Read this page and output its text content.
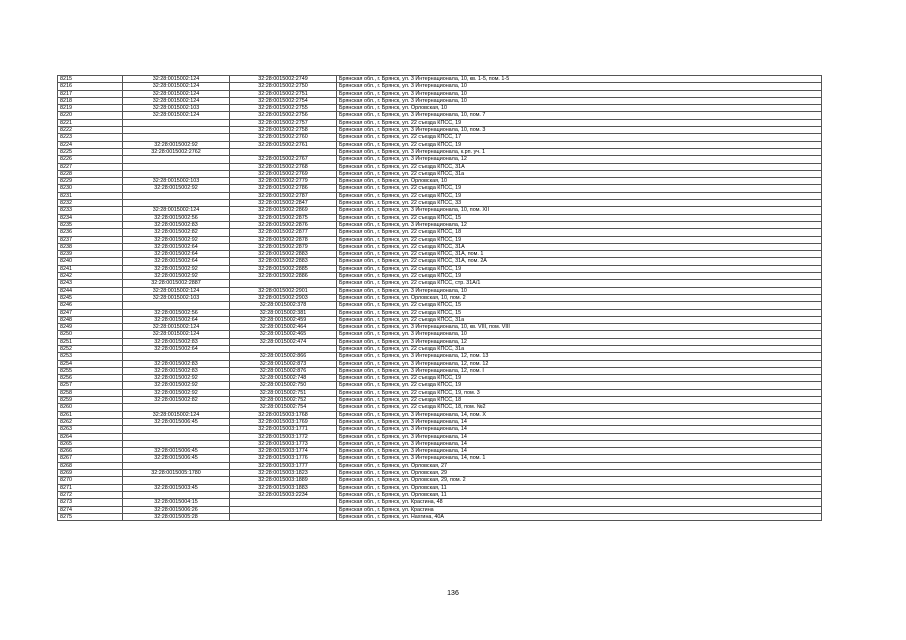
8215	32:28:0015002:124	32:28:0015002:2749	Брянская обл., г. Брянск, ул. 3 Интернационала, 10, кв. 1-5, пом. 1-5
8216	32:28:0015002:124	32:28:0015002:2750	Брянская обл., г. Брянск, ул. 3 Интернационала, 10
8217	32:28:0015002:124	32:28:0015002:2751	Брянская обл., г. Брянск, ул. 3 Интернационала, 10
8218	32:28:0015002:124	32:28:0015002:2754	Брянская обл., г. Брянск, ул. 3 Интернационала, 10
8219	32:28:0015002:103	32:28:0015002:2755	Брянская обл., г. Брянск, ул. Орловская, 10
8220	32:28:0015002:124	32:28:0015002:2756	Брянская обл., г. Брянск, ул. 3 Интернационала, 10, пом. 7
8221		32:28:0015002:2757	Брянская обл., г. Брянск, ул. 22 съезда КПСС, 19
8222		32:28:0015002:2758	Брянская обл., г. Брянск, ул. 3 Интернационала, 10, пом. 3
8223		32:28:0015002:2760	Брянская обл., г. Брянск, ул. 22 съезда КПСС, 17
8224	32:28:0015002:92	32:28:0015002:2761	Брянская обл., г. Брянск, ул. 22 съезда КПСС, 19
8225	32:28:0015002:2762		Брянская обл., г. Брянск, ул. 3 Интернационала, к.рп. уч. 1
8226		32:28:0015002:2767	Брянская обл., г. Брянск, ул. 3 Интернационала, 12
8227		32:28:0015002:2768	Брянская обл., г. Брянск, ул. 22 съезда КПСС, 31А
8228		32:28:0015002:2769	Брянская обл., г. Брянск, ул. 22 съезда КПСС, 31а
8229	32:28:0015002:103	32:28:0015002:2779	Брянская обл., г. Брянск, ул. Орловская, 10
8230	32:28:0015002:92	32:28:0015002:2786	Брянская обл., г. Брянск, ул. 22 съезда КПСС, 19
8231		32:28:0015002:2787	Брянская обл., г. Брянск, ул. 22 съезда КПСС, 19
8232		32:28:0015002:2847	Брянская обл., г. Брянск, ул. 22 съезда КПСС, 33
8233	32:28:0015002:124	32:28:0015002:2869	Брянская обл., г. Брянск, ул. 3 Интернационала, 10, пом. XII
8234	32:28:0015002:56	32:28:0015002:2875	Брянская обл., г. Брянск, ул. 22 съезда КПСС, 15
8235	32:28:0015002:83	32:28:0015002:2876	Брянская обл., г. Брянск, ул. 3 Интернационала, 12
8236	32:28:0015002:82	32:28:0015002:2877	Брянская обл., г. Брянск, ул. 22 съезда КПСС, 18
8237	32:28:0015002:92	32:28:0015002:2878	Брянская обл., г. Брянск, ул. 22 съезда КПСС, 19
8238	32:28:0015002:64	32:28:0015002:2879	Брянская обл., г. Брянск, ул. 22 съезда КПСС, 31А
8239	32:28:0015002:64	32:28:0015002:2883	Брянская обл., г. Брянск, ул. 22 съезда КПСС, 31А, пом. 1
8240	32:28:0015002:64	32:28:0015002:2883	Брянская обл., г. Брянск, ул. 22 съезда КПСС, 31А, пом. 2А
8241	32:28:0015002:92	32:28:0015002:2885	Брянская обл., г. Брянск, ул. 22 съезда КПСС, 19
8242	32:28:0015002:92	32:28:0015002:2886	Брянская обл., г. Брянск, ул. 22 съезда КПСС, 19
8243	32:28:0015002:2887		Брянская обл., г. Брянск, ул. 22 съезда КПСС, стр. 31А/1
8244	32:28:0015002:124	32:28:0015002:2901	Брянская обл., г. Брянск, ул. 3 Интернационала, 10
8245	32:28:0015002:103	32:28:0015002:2903	Брянская обл., г. Брянск, ул. Орловская, 10, пом. 2
8246		32:28:0015002:378	Брянская обл., г. Брянск, ул. 22 съезда КПСС, 15
8247	32:28:0015002:56	32:28:0015002:381	Брянская обл., г. Брянск, ул. 22 съезда КПСС, 15
8248	32:28:0015002:64	32:28:0015002:459	Брянская обл., г. Брянск, ул. 22 съезда КПСС, 31а
8249	32:28:0015002:124	32:28:0015002:464	Брянская обл., г. Брянск, ул. 3 Интернационала, 10, кв. VIII, пом. VIII
8250	32:28:0015002:124	32:28:0015002:465	Брянская обл., г. Брянск, ул. 3 Интернационала, 10
8251	32:28:0015002:83	32:28:0015002:474	Брянская обл., г. Брянск, ул. 3 Интернационала, 12
8252	32:28:0015002:64		Брянская обл., г. Брянск, ул. 22 съезда КПСС, 31а
8253		32:28:0015002:866	Брянская обл., г. Брянск, ул. 3 Интернационала, 12, пом. 13
8254	32:28:0015002:83	32:28:0015002:873	Брянская обл., г. Брянск, ул. 3 Интернационала, 12, пом. 12
8255	32:28:0015002:83	32:28:0015002:876	Брянская обл., г. Брянск, ул. 3 Интернационала, 12, пом. I
8256	32:28:0015002:92	32:28:0015002:748	Брянская обл., г. Брянск, ул. 22 съезда КПСС, 19
8257	32:28:0015002:92	32:28:0015002:750	Брянская обл., г. Брянск, ул. 22 съезда КПСС, 19
8258	32:28:0015002:92	32:28:0015002:751	Брянская обл., г. Брянск, ул. 22 съезда КПСС, 19, пом. 3
8259	32:28:0015002:82	32:28:0015002:752	Брянская обл., г. Брянск, ул. 22 съезда КПСС, 18
8260		32:28:0015002:754	Брянская обл., г. Брянск, ул. 22 съезда КПСС, 18, пом. №2
8261	32:28:0015002:124	32:28:0015003:1768	Брянская обл., г. Брянск, ул. 3 Интернационала, 14, пом. Х
8262	32:28:0015006:45	32:28:0015003:1769	Брянская обл., г. Брянск, ул. 3 Интернационала, 14
8263		32:28:0015003:1771	Брянская обл., г. Брянск, ул. 3 Интернационала, 14
8264		32:28:0015003:1772	Брянская обл., г. Брянск, ул. 3 Интернационала, 14
8265		32:28:0015003:1773	Брянская обл., г. Брянск, ул. 3 Интернационала, 14
8266	32:28:0015006:45	32:28:0015003:1774	Брянская обл., г. Брянск, ул. 3 Интернационала, 14
8267	32:28:0015006:45	32:28:0015003:1776	Брянская обл., г. Брянск, ул. 3 Интернационала, 14, пом. 1
8268		32:28:0015003:1777	Брянская обл., г. Брянск, ул. Орловская, 27
8269	32:28:0015005:1780	32:28:0015003:1823	Брянская обл., г. Брянск, ул. Орловская, 29
8270		32:28:0015003:1889	Брянская обл., г. Брянск, ул. Орловская, 29, пом. 2
8271	32:28:0015003:45	32:28:0015003:1883	Брянская обл., г. Брянск, ул. Орловская, 11
8272		32:28:0015003:2234	Брянская обл., г. Брянск, ул. Орловская, 11
8273	32:28:0015004:15		Брянская обл., г. Брянск, ул. Красгина, 48
8274	32:28:0015006:26		Брянская обл., г. Брянск, ул. Красгина
8275	32:28:0015005:28		Брянская обл., г. Брянск, ул. Нахгина, 40А
136
